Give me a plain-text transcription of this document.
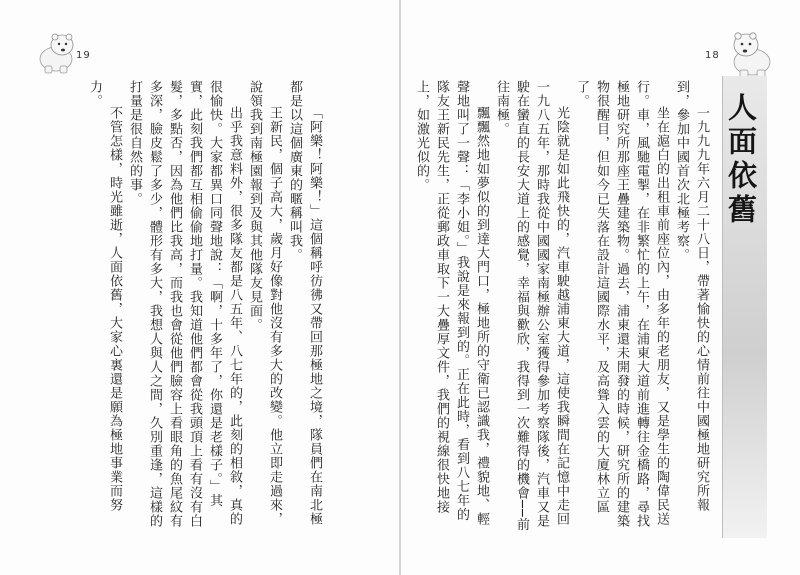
19

「阿樂！阿樂！」這個稱呼彷彿又帶回那極地之境，隊員們在南北極都是以這個廣東的暱稱叫我。

王新民，個子高大，歲月好像對他沒有多大的改變。他立即走過來，說領我到南極園報到及與其他隊友見面。

出乎我意料外，很多隊友都是八五年、八七年的，此刻的相敘，真的很愉快。大家都異口同聲地說：「啊，十多年了，你還是老樣子。」其實，此刻我們都互相偷偷地打量。我知道他們都會從我頭頂上看有沒有白髮，多點否，因為他們比我高，而我也會從他們臉容上看眼角的魚尾紋有多深，臉皮鬆了多少，體形有多大，我想人與人之間，久別重逢，這樣的打量是很自然的事。

不管怎樣，時光雖逝，人面依舊，大家心裏還是願為極地事業而努力。

18

一九九九年六月二十八日，帶著愉快的心情前往中國極地研究所報到，參加中國首次北極考察。

坐在滬白的出租車前座位內，由多年的老朋友，又是學生的陶偉民送行。車，風馳電掣，在非繁忙的上午，在浦東大道前進轉往金橋路，尋找極地研究所那座王疊建築物。過去，浦東還未開發的時候，研究所的建築物很醒目，但如今已失落在設計這國際水平，及高聳入雲的大廈林立區了。

光陰就是如此飛快的，汽車駛越浦東大道，這使我瞬間在記憶中走回一九八五年，那時我從中國國家南極辦公室獲得參加考察隊後，汽車又是駛在蠻直的長安大道上的感覺，幸福與歡欣，我得到一次難得的機會──前往南極。

飄飄然地如夢似的到達大門口，極地所的守衛已認識我，禮貌地、輕聲地叫了一聲：「李小姐。」我說是來報到的。正在此時，看到八七年的隊友王新民先生，正從郵政車取下一大疊厚文件，我們的視線很快地接上，如激光似的。	人面依舊
